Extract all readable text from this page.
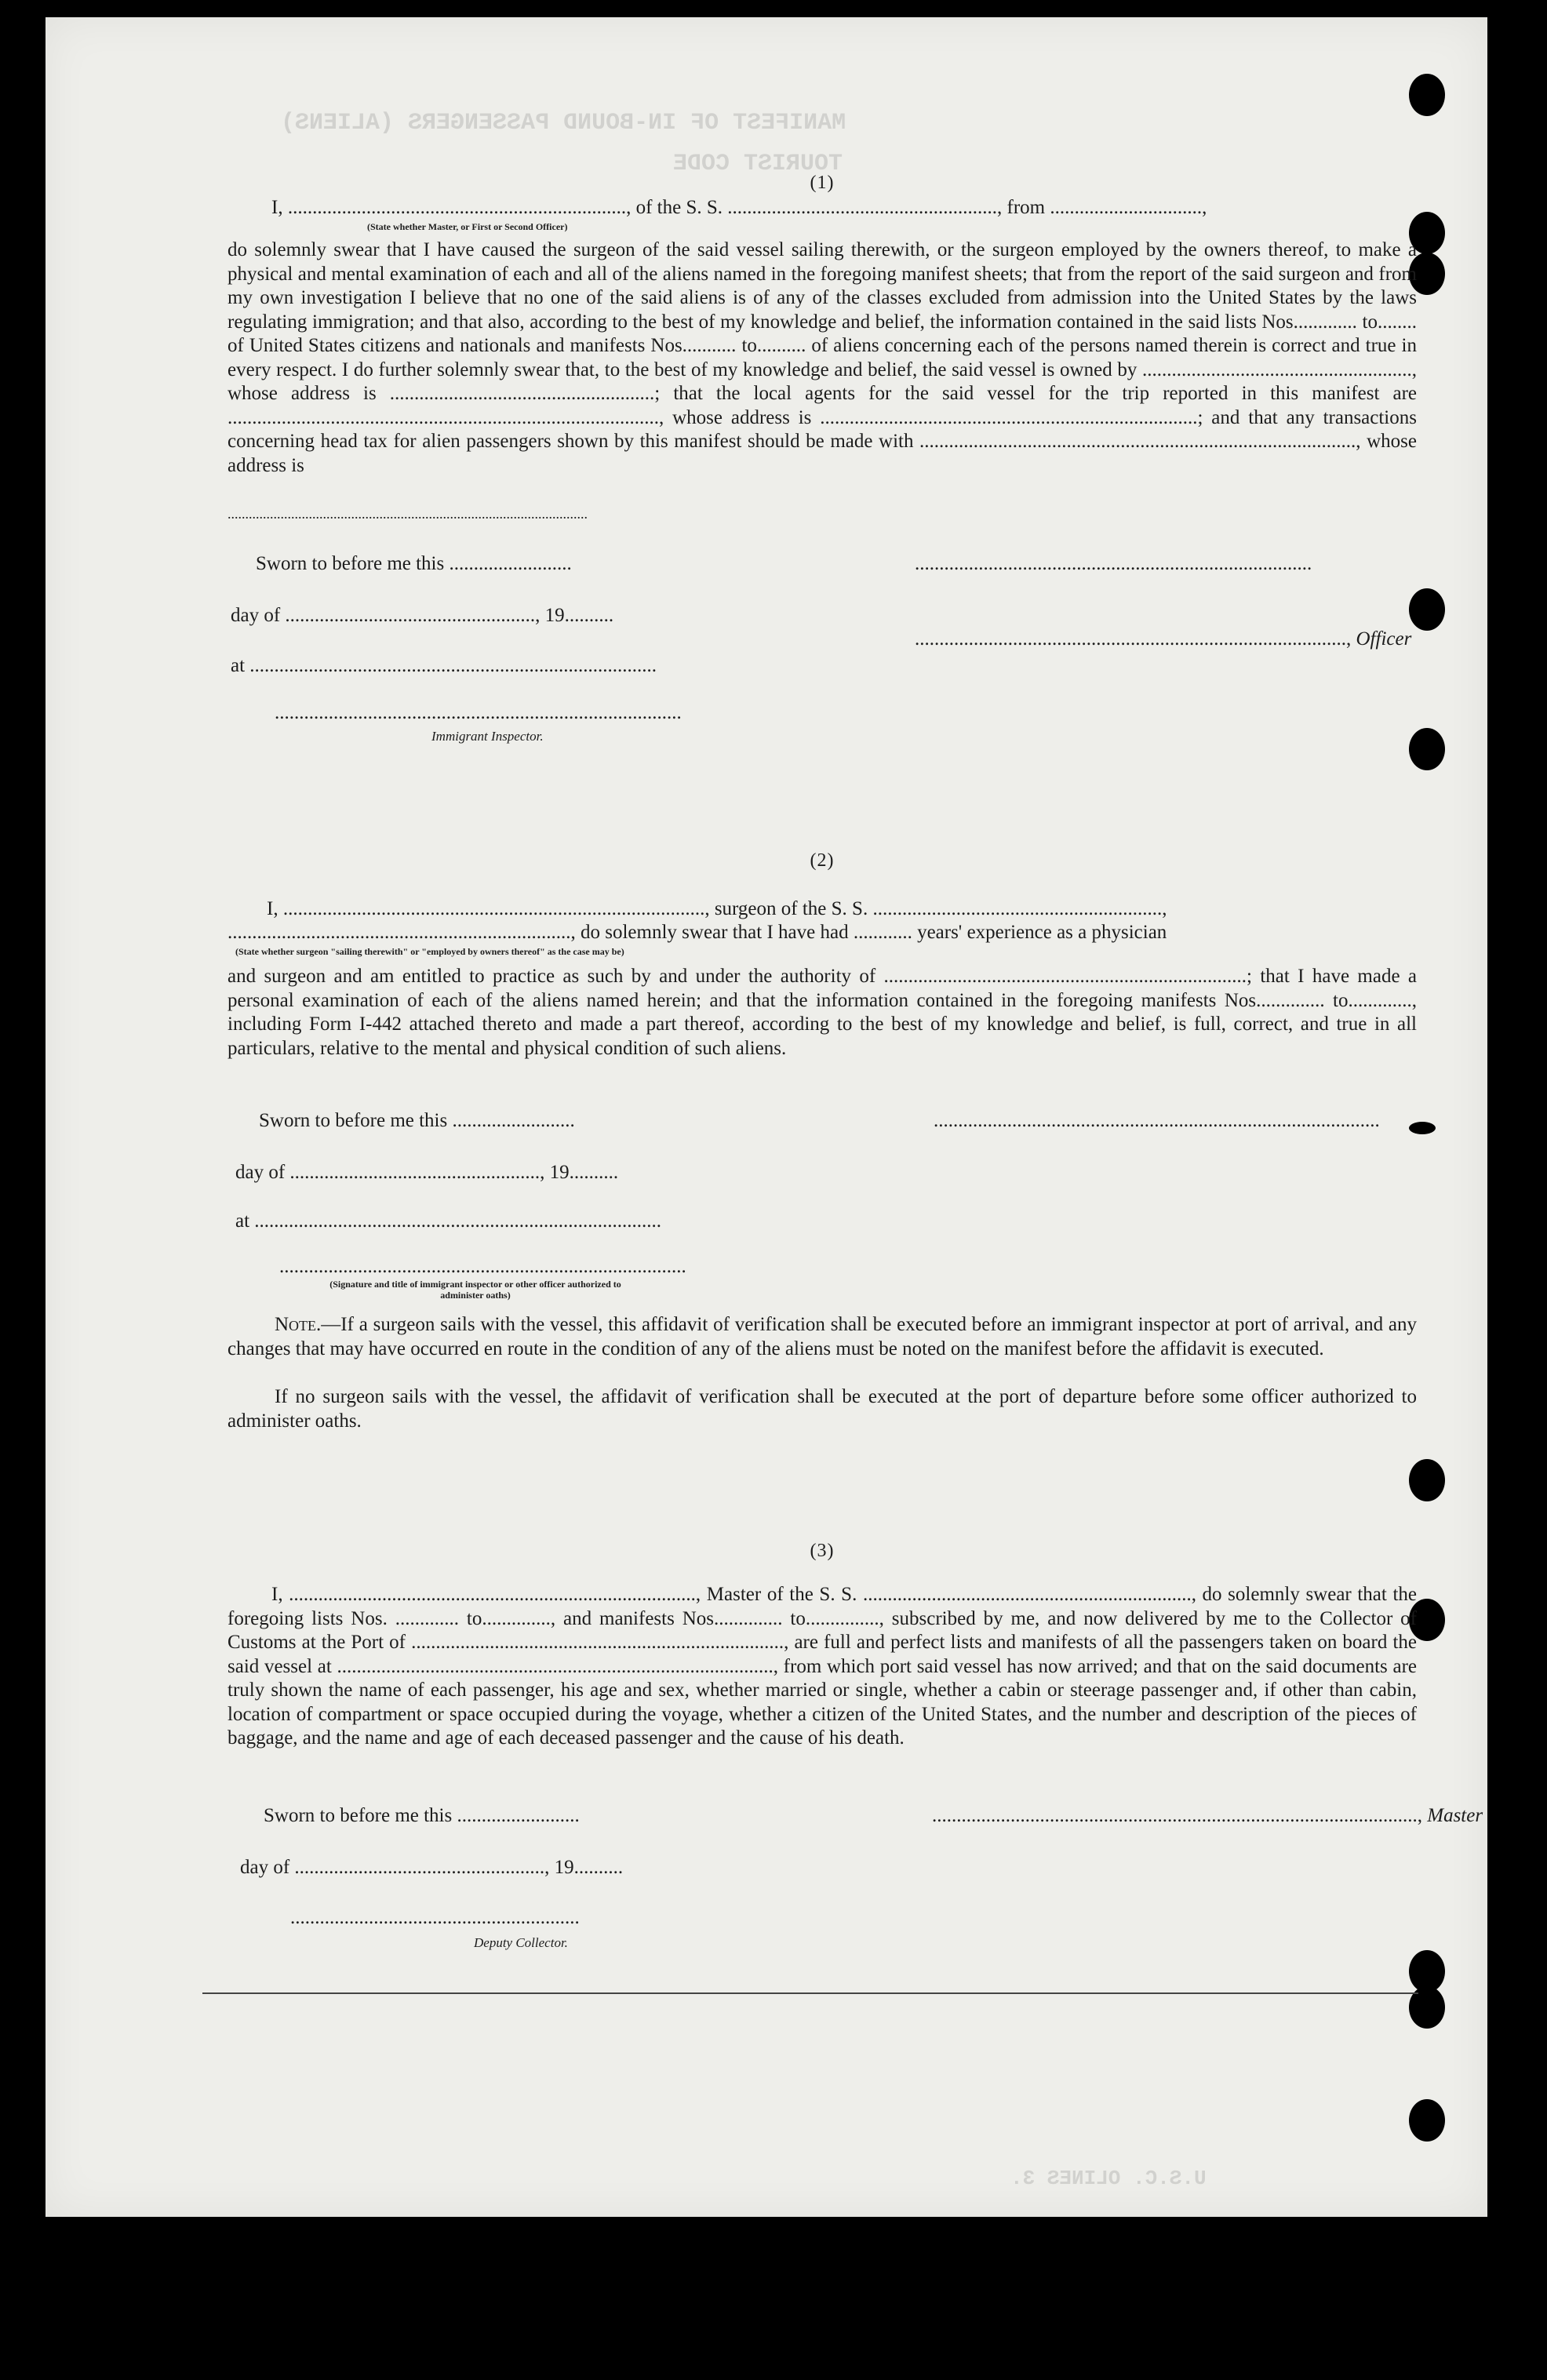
MANIFEST OF IN-BOUND PASSENGERS (ALIENS)
TOURIST CODE
U.S.C. OLINES 3.
(1)
I, ....................................................................., of the S. S. ......................................................., from ...............................,
(State whether Master, or First or Second Officer)
do solemnly swear that I have caused the surgeon of the said vessel sailing therewith, or the surgeon employed by the owners thereof, to make a physical and mental examination of each and all of the aliens named in the foregoing manifest sheets; that from the report of the said surgeon and from my own investigation I believe that no one of the said aliens is of any of the classes excluded from admission into the United States by the laws regulating immigration; and that also, according to the best of my knowledge and belief, the information contained in the said lists Nos............. to........ of United States citizens and nationals and manifests Nos........... to.......... of aliens concerning each of the persons named therein is correct and true in every respect. I do further solemnly swear that, to the best of my knowledge and belief, the said vessel is owned by ......................................................., whose address is ......................................................; that the local agents for the said vessel for the trip reported in this manifest are ........................................................................................, whose address is .............................................................................; and that any transactions concerning head tax for alien passengers shown by this manifest should be made with ........................................................................................., whose address is
......................................................................................................
Sworn to before me this .........................	.................................................................................
day of ..................................................., 19..........
........................................................................................, Officer
at ...................................................................................
...................................................................................
Immigrant Inspector.
(2)
I, ......................................................................................, surgeon of the S. S. ...........................................................,
......................................................................, do solemnly swear that I have had ............ years' experience as a physician
(State whether surgeon "sailing therewith" or "employed by owners thereof" as the case may be)
and surgeon and am entitled to practice as such by and under the authority of ..........................................................................; that I have made a personal examination of each of the aliens named herein; and that the information contained in the foregoing manifests Nos.............. to............., including Form I-442 attached thereto and made a part thereof, according to the best of my knowledge and belief, is full, correct, and true in all particulars, relative to the mental and physical condition of such aliens.
Sworn to before me this .........................	...........................................................................................
day of ..................................................., 19..........
at ...................................................................................
...................................................................................
(Signature and title of immigrant inspector or other officer authorized to administer oaths)
Note.—If a surgeon sails with the vessel, this affidavit of verification shall be executed before an immigrant inspector at port of arrival, and any changes that may have occurred en route in the condition of any of the aliens must be noted on the manifest before the affidavit is executed.
If no surgeon sails with the vessel, the affidavit of verification shall be executed at the port of departure before some officer authorized to administer oaths.
(3)
I, ..................................................................................., Master of the S. S. ..................................................................., do solemnly swear that the foregoing lists Nos. ............. to.............., and manifests Nos.............. to..............., subscribed by me, and now delivered by me to the Collector of Customs at the Port of ............................................................................, are full and perfect lists and manifests of all the passengers taken on board the said vessel at ........................................................................................., from which port said vessel has now arrived; and that on the said documents are truly shown the name of each passenger, his age and sex, whether married or single, whether a cabin or steerage passenger and, if other than cabin, location of compartment or space occupied during the voyage, whether a citizen of the United States, and the number and description of the pieces of baggage, and the name and age of each deceased passenger and the cause of his death.
Sworn to before me this .........................	..................................................................................................., Master
day of ..................................................., 19..........
...........................................................
Deputy Collector.
